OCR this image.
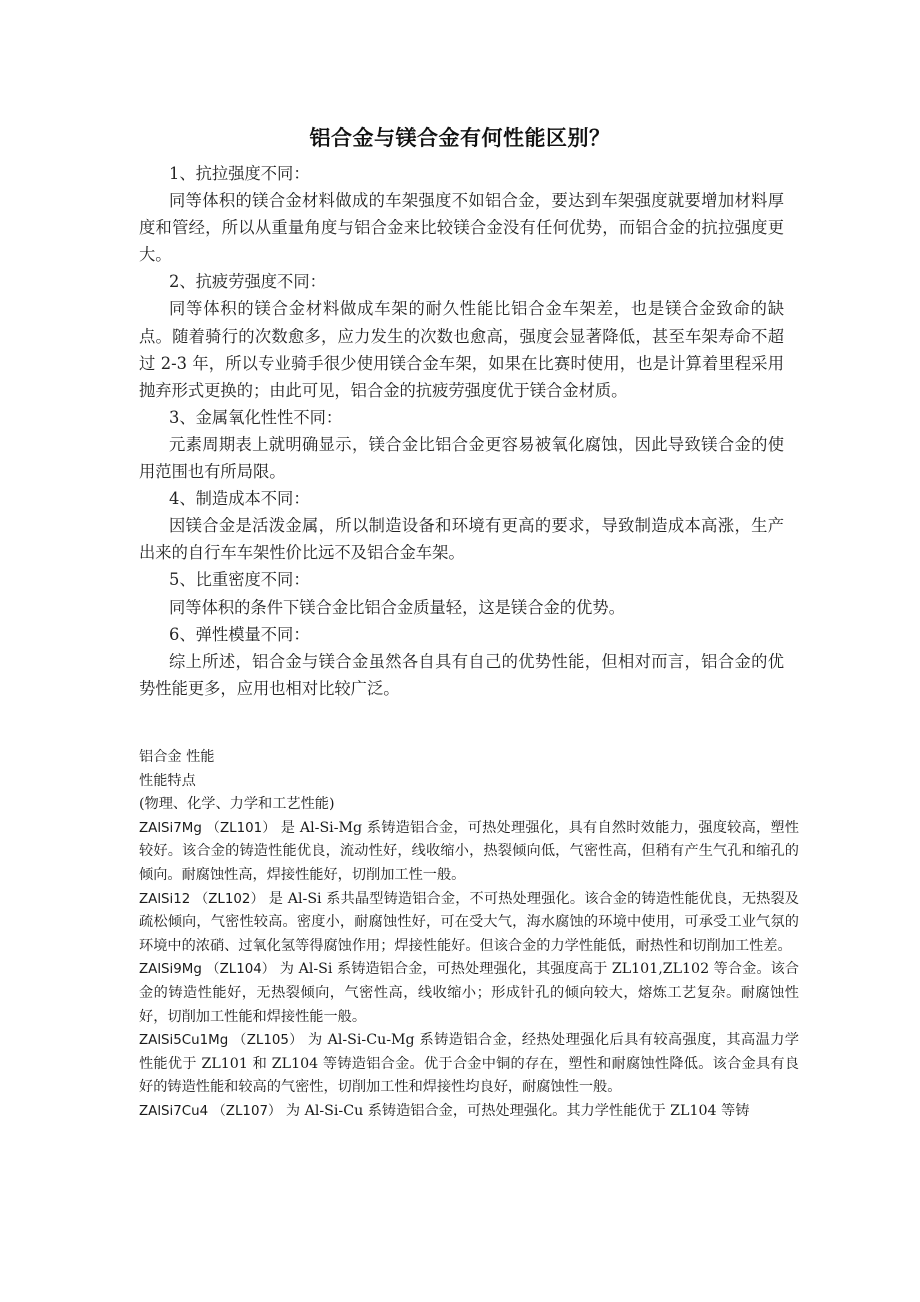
铝合金与镁合金有何性能区别？
1、抗拉强度不同：
同等体积的镁合金材料做成的车架强度不如铝合金，要达到车架强度就要增加材料厚度和管经，所以从重量角度与铝合金来比较镁合金没有任何优势，而铝合金的抗拉强度更大。
2、抗疲劳强度不同：
同等体积的镁合金材料做成车架的耐久性能比铝合金车架差，也是镁合金致命的缺点。随着骑行的次数愈多，应力发生的次数也愈高，强度会显著降低，甚至车架寿命不超过 2-3 年，所以专业骑手很少使用镁合金车架，如果在比赛时使用，也是计算着里程采用抛弃形式更换的；由此可见，铝合金的抗疲劳强度优于镁合金材质。
3、金属氧化性性不同：
元素周期表上就明确显示，镁合金比铝合金更容易被氧化腐蚀，因此导致镁合金的使用范围也有所局限。
4、制造成本不同：
因镁合金是活泼金属，所以制造设备和环境有更高的要求，导致制造成本高涨，生产出来的自行车车架性价比远不及铝合金车架。
5、比重密度不同：
同等体积的条件下镁合金比铝合金质量轻，这是镁合金的优势。
6、弹性模量不同：
综上所述，铝合金与镁合金虽然各自具有自己的优势性能，但相对而言，铝合金的优势性能更多，应用也相对比较广泛。
铝合金 性能
性能特点
(物理、化学、力学和工艺性能)
ZAlSi7Mg （ZL101） 是 Al-Si-Mg 系铸造铝合金，可热处理强化，具有自然时效能力，强度较高，塑性较好。该合金的铸造性能优良，流动性好，线收缩小，热裂倾向低，气密性高，但稍有产生气孔和缩孔的倾向。耐腐蚀性高，焊接性能好，切削加工性一般。
ZAlSi12 （ZL102） 是 Al-Si 系共晶型铸造铝合金，不可热处理强化。该合金的铸造性能优良，无热裂及疏松倾向，气密性较高。密度小，耐腐蚀性好，可在受大气，海水腐蚀的环境中使用，可承受工业气氛的环境中的浓硝、过氧化氢等得腐蚀作用；焊接性能好。但该合金的力学性能低，耐热性和切削加工性差。
ZAlSi9Mg （ZL104） 为 Al-Si 系铸造铝合金，可热处理强化，其强度高于 ZL101,ZL102 等合金。该合金的铸造性能好，无热裂倾向，气密性高，线收缩小；形成针孔的倾向较大，熔炼工艺复杂。耐腐蚀性好，切削加工性能和焊接性能一般。
ZAlSi5Cu1Mg （ZL105） 为 Al-Si-Cu-Mg 系铸造铝合金，经热处理强化后具有较高强度，其高温力学性能优于 ZL101 和 ZL104 等铸造铝合金。优于合金中铜的存在，塑性和耐腐蚀性降低。该合金具有良好的铸造性能和较高的气密性，切削加工性和焊接性均良好，耐腐蚀性一般。
ZAlSi7Cu4 （ZL107） 为 Al-Si-Cu 系铸造铝合金，可热处理强化。其力学性能优于 ZL104 等铸
